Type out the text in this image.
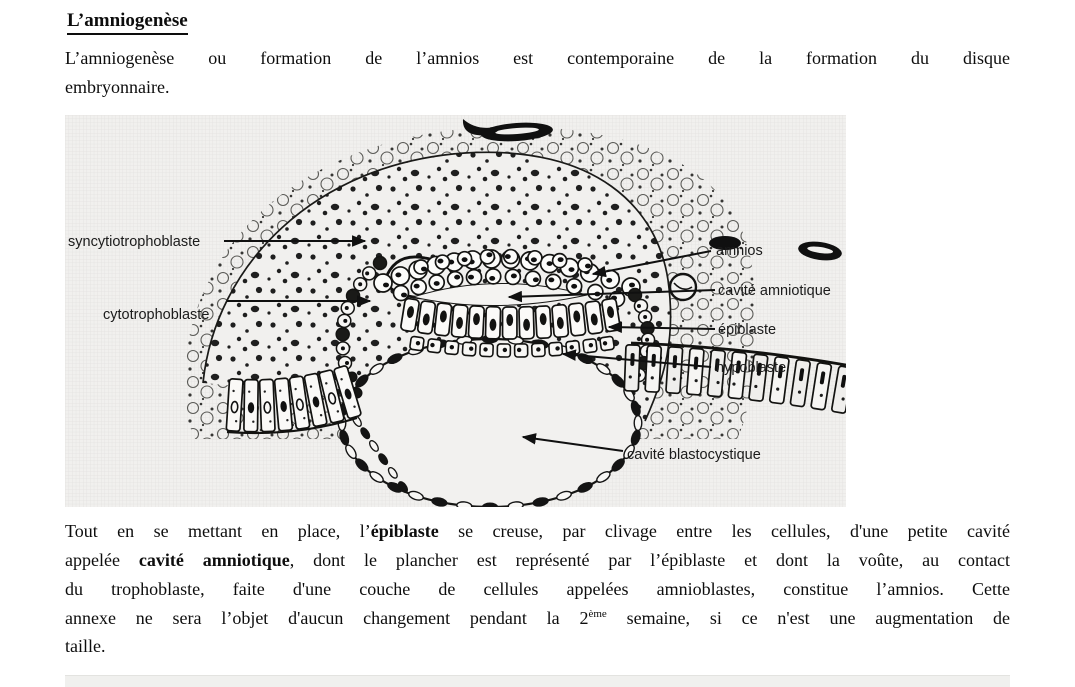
L’amniogenèse
L’amniogenèse ou formation de l’amnios est contemporaine de la formation du disque
embryonnaire.
syncytiotrophoblaste
cytotrophoblaste
amnios
cavité amniotique
épiblaste
hypoblaste
cavité blastocystique
Tout en se mettant en place, l’épiblaste se creuse, par clivage entre les cellules, d'une petite cavité
appelée cavité amniotique, dont le plancher est représenté par l’épiblaste et dont la voûte, au contact
du trophoblaste, faite d'une couche de cellules appelées amnioblastes, constitue l’amnios. Cette
annexe ne sera l’objet d'aucun changement pendant la 2ème semaine, si ce n'est une augmentation de
taille.
